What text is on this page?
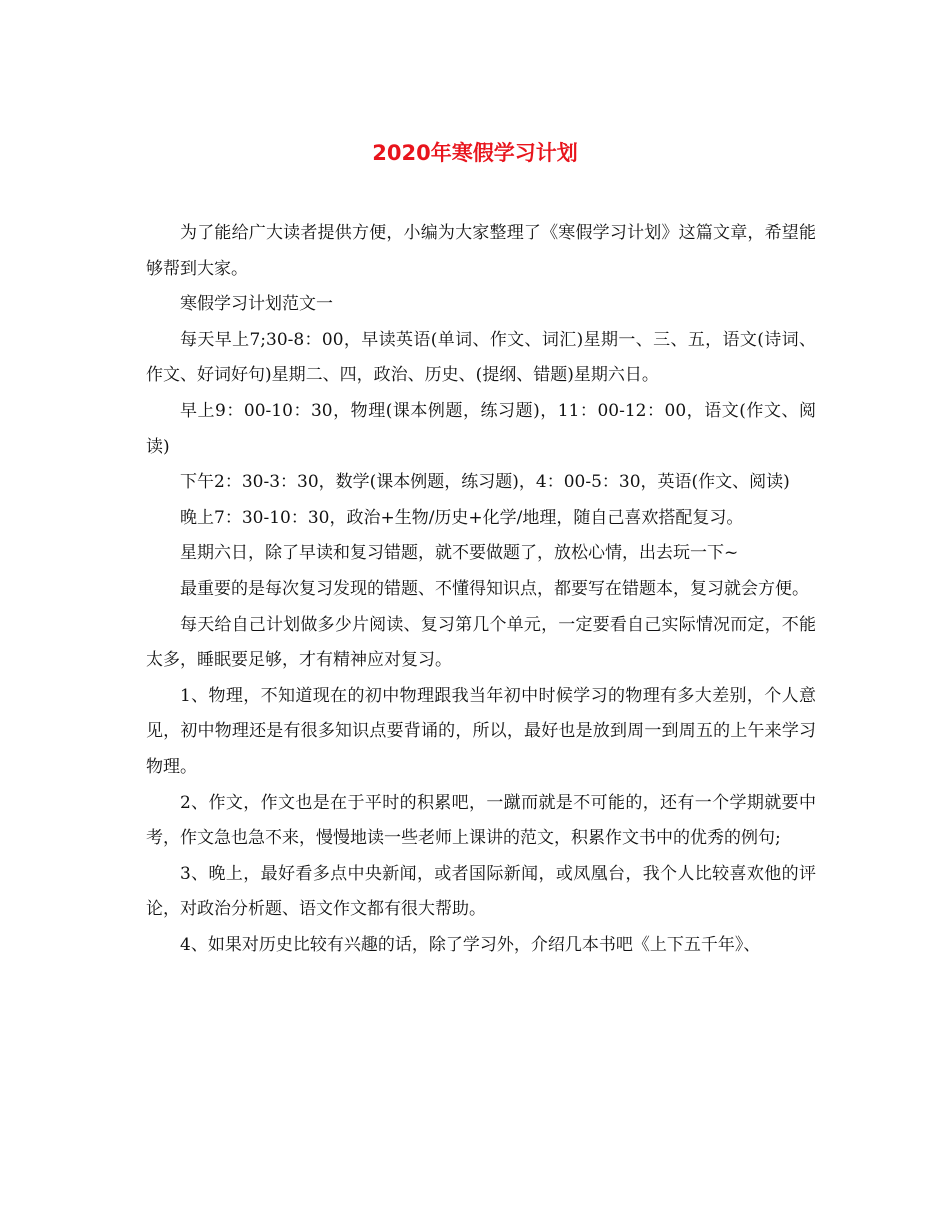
2020年寒假学习计划

为了能给广大读者提供方便，小编为大家整理了《寒假学习计划》这篇文章，希望能够帮到大家。

寒假学习计划范文一

每天早上7;30-8：00，早读英语(单词、作文、词汇)星期一、三、五，语文(诗词、作文、好词好句)星期二、四，政治、历史、(提纲、错题)星期六日。

早上9：00-10：30，物理(课本例题，练习题)，11：00-12：00，语文(作文、阅读)

下午2：30-3：30，数学(课本例题，练习题)，4：00-5：30，英语(作文、阅读)

晚上7：30-10：30，政治+生物/历史+化学/地理，随自己喜欢搭配复习。

星期六日，除了早读和复习错题，就不要做题了，放松心情，出去玩一下~

最重要的是每次复习发现的错题、不懂得知识点，都要写在错题本，复习就会方便。

每天给自己计划做多少片阅读、复习第几个单元，一定要看自己实际情况而定，不能太多，睡眠要足够，才有精神应对复习。

1、物理，不知道现在的初中物理跟我当年初中时候学习的物理有多大差别，个人意见，初中物理还是有很多知识点要背诵的，所以，最好也是放到周一到周五的上午来学习物理。

2、作文，作文也是在于平时的积累吧，一蹴而就是不可能的，还有一个学期就要中考，作文急也急不来，慢慢地读一些老师上课讲的范文，积累作文书中的优秀的例句;

3、晚上，最好看多点中央新闻，或者国际新闻，或凤凰台，我个人比较喜欢他的评论，对政治分析题、语文作文都有很大帮助。

4、如果对历史比较有兴趣的话，除了学习外，介绍几本书吧《上下五千年》、
